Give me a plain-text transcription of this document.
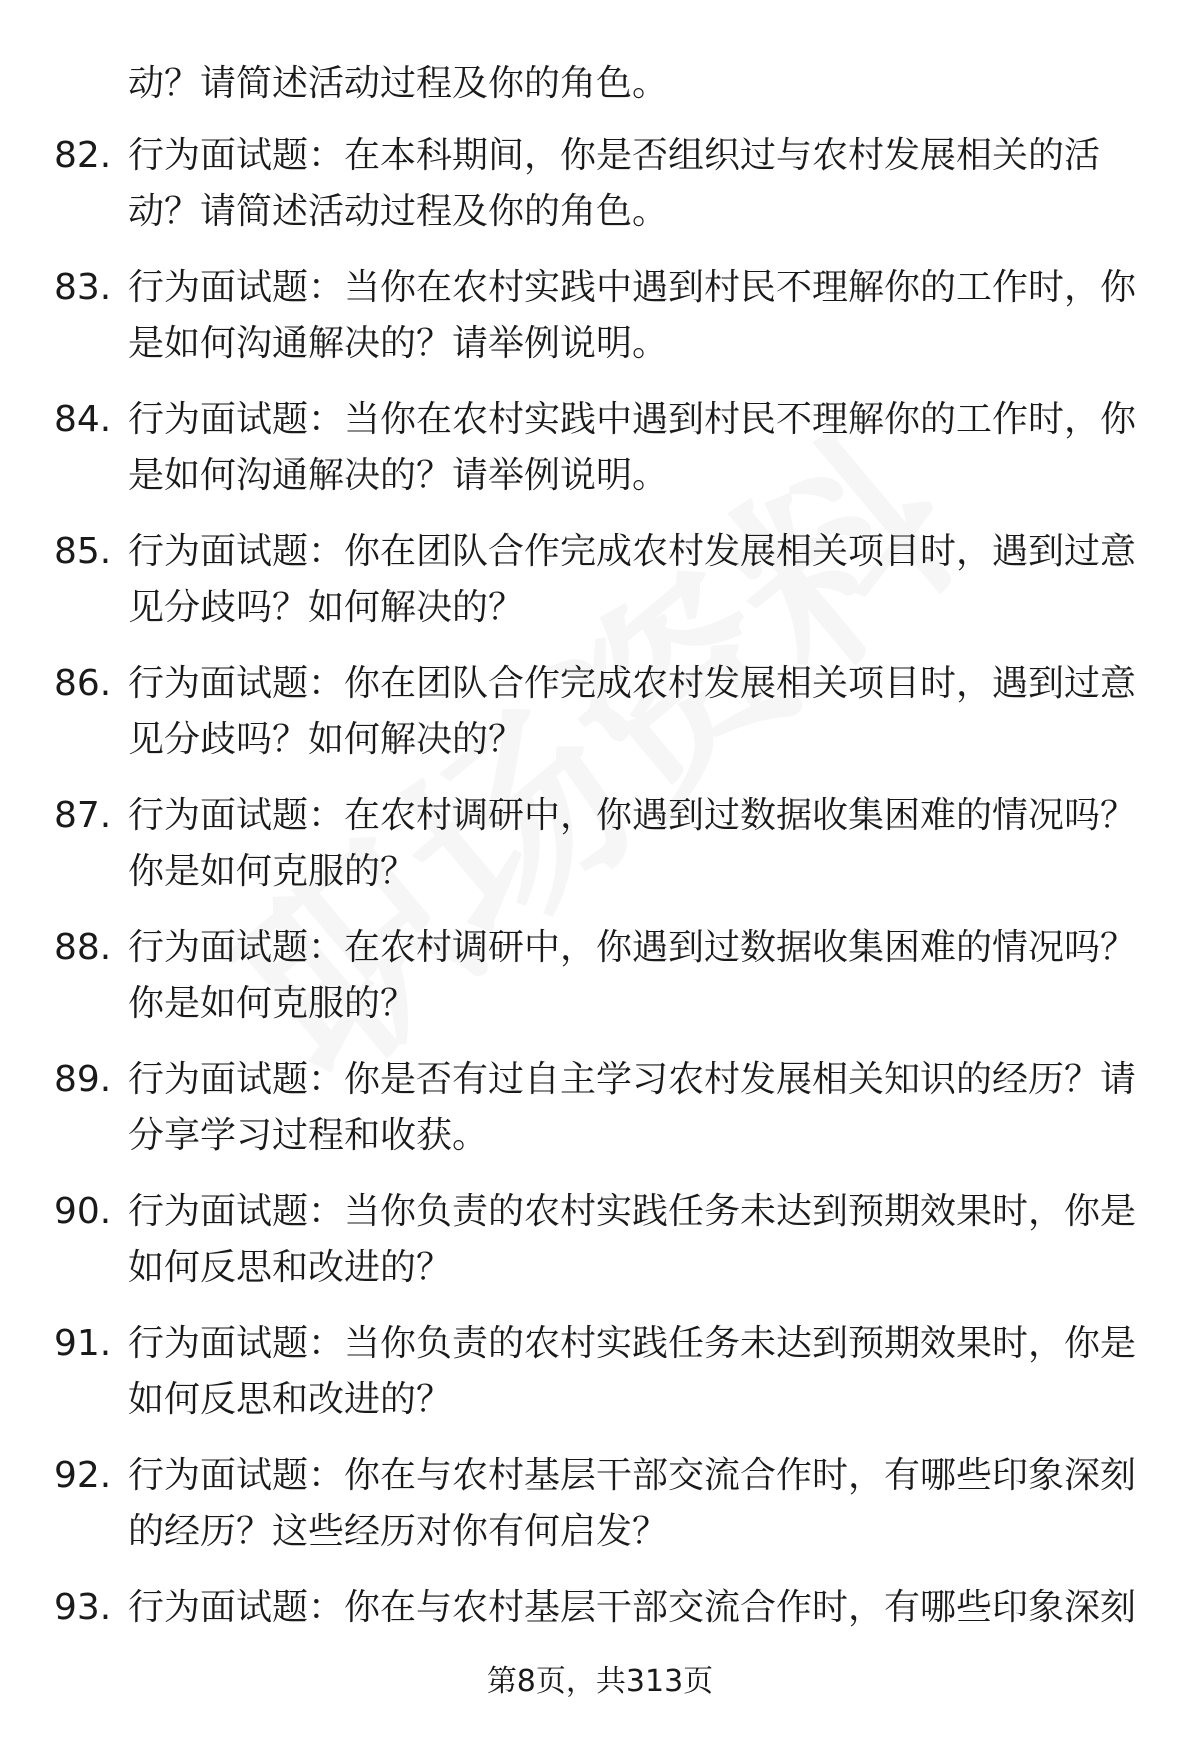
动？请简述活动过程及你的角色。

82. 行为面试题：在本科期间，你是否组织过与农村发展相关的活动？请简述活动过程及你的角色。

83. 行为面试题：当你在农村实践中遇到村民不理解你的工作时，你是如何沟通解决的？请举例说明。

84. 行为面试题：当你在农村实践中遇到村民不理解你的工作时，你是如何沟通解决的？请举例说明。

85. 行为面试题：你在团队合作完成农村发展相关项目时，遇到过意见分歧吗？如何解决的？

86. 行为面试题：你在团队合作完成农村发展相关项目时，遇到过意见分歧吗？如何解决的？

87. 行为面试题：在农村调研中，你遇到过数据收集困难的情况吗？你是如何克服的？

88. 行为面试题：在农村调研中，你遇到过数据收集困难的情况吗？你是如何克服的？

89. 行为面试题：你是否有过自主学习农村发展相关知识的经历？请分享学习过程和收获。

90. 行为面试题：当你负责的农村实践任务未达到预期效果时，你是如何反思和改进的？

91. 行为面试题：当你负责的农村实践任务未达到预期效果时，你是如何反思和改进的？

92. 行为面试题：你在与农村基层干部交流合作时，有哪些印象深刻的经历？这些经历对你有何启发？

93. 行为面试题：你在与农村基层干部交流合作时，有哪些印象深刻

第8页，共313页
